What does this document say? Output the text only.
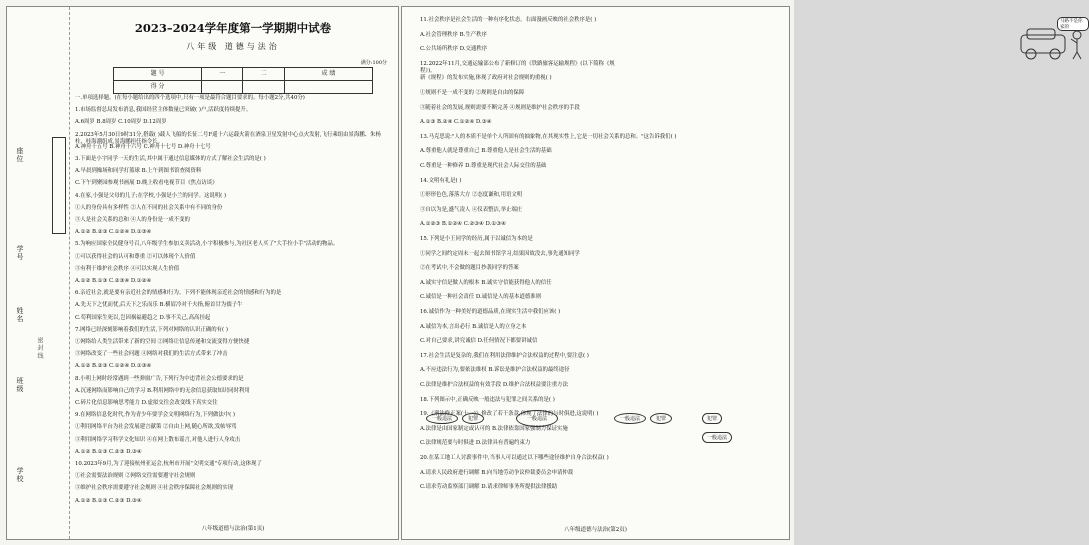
学校
班级
姓名
学号
座位
密 封 线
2023–2024学年度第一学期期中试卷
八年级 道德与法治
满分:100分
题 号	一	二	成 绩
得 分			
一.单项选择题。(在每小题给出的四个选项中,只有一项是最符合题目要求的。每小题2分,共40分)
1.市场监督总局发布消息,我国经营主体数量已突破( )户,活跃度持续提升。
A.6周岁 B.8周岁 C.10周岁 D.12周岁
2.2023年5月30日9时31分,搭载( )载人飞船的长征二号F遥十六运载火箭在酒泉卫星发射中心点火发射,飞行乘组由景海鹏、朱杨柱、桂海潮组成,景海鹏担任指令长。
A.神舟十五号 B.神舟十六号 C.神舟十七号 D.神舟十七号
3.下面是小宇同学一天的生活,其中属于通过信息媒体的方式了解社会生活的是( )
A.早晨到操场和同学打篮球 B.上午到图书馆查阅资料
C.下午到聚园参观书画展 D.晚上收看电视节目《焦点访谈》
4.在家,小强是父母的儿子;在学校,小强是小兰的同学。这说明( )
①人的身份具有多样性 ②人在不同的社会关系中有不同的身份
③人是社会关系的总和 ④人的身份是一成不变的
A.①② B.②③ C.①②④ D.①③④
5.为响应国家全民健身号召,八年级学生参加义卖活动,小宇积极参与,为社区老人买了"大手拉小手"活动的物品。
①可以获得社会的认可和尊重 ②可以体现个人价值
③有利于维护社会秩序 ④可以实现人生价值
A.①② B.①③ C.②③④ D.①②④
6.亲近社会,就是要有亲近社会的情感和行为。下列不能体现亲近社会的情感和行为的是
A.先天下之忧而忧,后天下之乐而乐 B.横眉冷对千夫指,俯首甘为孺子牛
C.苟利国家生死以,岂因祸福避趋之 D.事不关己,高高挂起
7.网络已经深刻影响着我们的生活,下列对网络的认识正确的有( )
①网络给人类生活带来了新的空间 ②网络让信息传递和交流变得方便快捷
③网络改变了一些社会问题 ④网络对我们的生活方式带来了冲击
A.①② B.②③ C.①②④ D.①③④
8.小明上网时经常遇到一些弹窗广告,下列行为中违背社会公德要求的是
A.沉迷网络而影响自己的学习 B.利用网络中的无余信息获取知识同时利用
C.碎片化信息影响思考能力 D.虚拟交往会改变线下真实交往
9.在网络信息化时代,作为青少年要学会文明网络行为,下列做法中( )
①利用网络平台为社会发展建言献策 ②自由上网,随心所欲,发帖辱骂
③利用网络学习科学文化知识 ④在网上散布谣言,对他人进行人身攻击
A.①② B.①③ C.②③ D.③④
10.2023年9月,为了迎接杭州亚运会,杭州市开展"文明交通"专项行动,这体现了
①社会需要法治规则 ②网络交往需要遵守社会规则
③维护社会秩序需要遵守社会规则 ④社会秩序保障社会规则的实现
A.①② B.①③ C.②③ D.③④
八年级道德与法治(第1页)
11.社会秩序是社会生活的一种有序化状态。右面漫画反映的社会秩序是( )
A.社会管理秩序 B.生产秩序
C.公共场所秩序 D.交通秩序
12.2022年11月,交通运输部公布了新修订的《铁路旅客运输规程》(以下简称《规程》)。
新《规程》的发布实施,体现了政府对社会规则的重视( )
①规则不是一成不变的 ②规则是自由的保障
③随着社会的发展,规则需要不断完善 ④规则是维护社会秩序的手段
A.①③ B.②④ C.①②④ D.③④
13.马克思说:"人的本质不是单个人所固有的抽象物,在其现实性上,它是一切社会关系的总和。"这告诉我们( )
A.尊重他人就是尊重自己 B.尊重他人是社会生活的基础
C.尊重是一种修养 D.尊重是现代社会人际交往的基础
14.文明有礼是( )
①形形色色,落落大方 ②态度谦和,用语文明
③自以为是,盛气凌人 ④仪表整洁,举止端庄
A.①②③ B.①②④ C.②③④ D.①③④
15.下列是小王同学的经历,属于以诚信为本的是
①同学之间约定周末一起去图书馆学习,结果因故没去,事先通知同学
②在考试中,不会做的题目抄袭同学的答案
A.诚实守信是做人的根本 B.诚实守信能获得他人的信任
C.诚信是一种社会责任 D.诚信是人的基本道德准则
16.诚信作为一种美好的道德品质,在现实生活中我们应该( )
A.诚信为本,言出必行 B.诚信是人的立身之本
C.对自己要求,讲究诚信 D.任何情况下都要讲诚信
17.社会生活是复杂的,我们在利用法律维护合法权益的过程中,要注意( )
A.不应违法行为,要依法维权 B.诉讼是维护合法权益的最终途径
C.法律是维护合法权益的有效手段 D.维护合法权益要注重方法
18.下列图示中,正确反映一般违法与犯罪之间关系的是( )
19.《刑法修正案(十一)》修改了若干条款,体现了法律的与时俱进,这说明( )
A.法律是由国家制定或认可的 B.法律依靠国家强制力保证实施
C.法律规范要与时俱进 D.法律具有普遍约束力
20.在某工地工人讨薪事件中,当事人可以通过以下哪些途径维护自身合法权益( )
A.请求人民政府进行调解 B.向当地劳动争议仲裁委员会申请仲裁
C.请求劳动监察部门调解 D.请求律师事务所提供法律援助
马路不是你家的
一般违法	犯罪	一般违法	一般违法	犯罪	犯罪
一般违法
八年级道德与法治(第2页)
